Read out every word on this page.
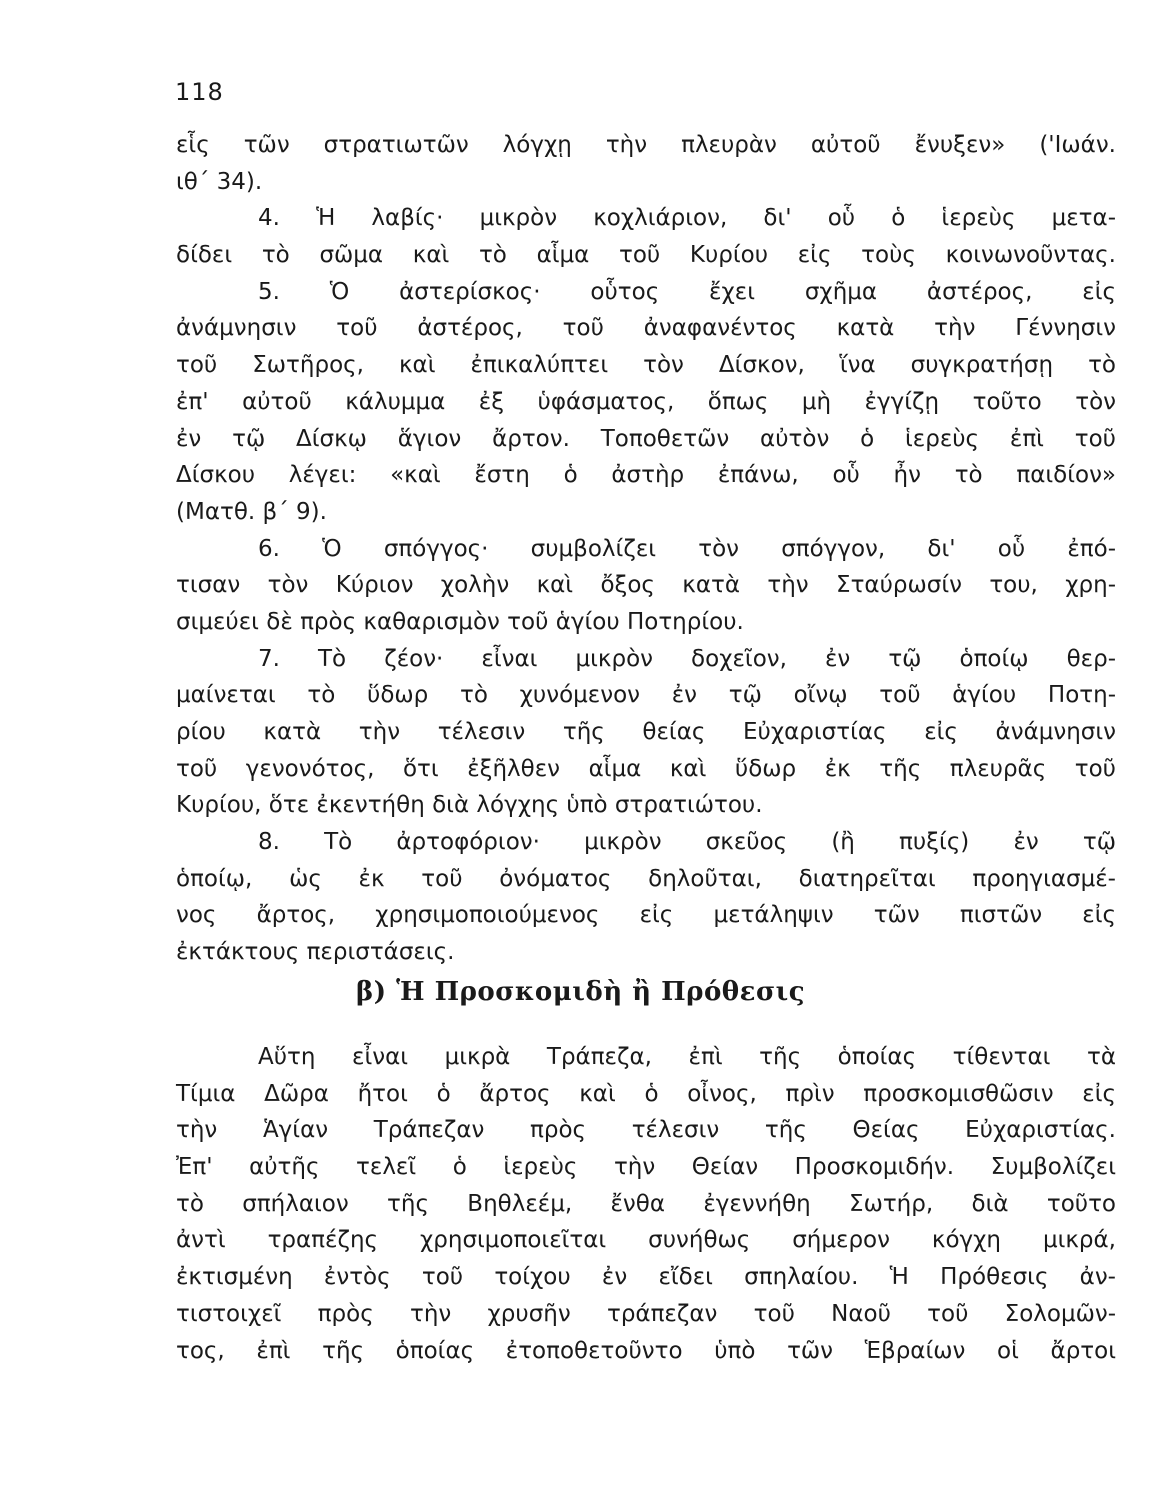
118
εἷς τῶν στρατιωτῶν λόγχῃ τὴν πλευρὰν αὐτοῦ ἔνυξεν» ('Ιωάν.
ιθ΄ 34).
4. Ἡ λαβίς· μικρὸν κοχλιάριον, δι' οὗ ὁ ἱερεὺς μετα-
δίδει τὸ σῶμα καὶ τὸ αἷμα τοῦ Κυρίου εἰς τοὺς κοινωνοῦντας.
5. Ὁ ἀστερίσκος· οὗτος ἔχει σχῆμα ἀστέρος, εἰς
ἀνάμνησιν τοῦ ἀστέρος, τοῦ ἀναφανέντος κατὰ τὴν Γέννησιν
τοῦ Σωτῆρος, καὶ ἐπικαλύπτει τὸν Δίσκον, ἵνα συγκρατήσῃ τὸ
ἐπ' αὐτοῦ κάλυμμα ἐξ ὑφάσματος, ὅπως μὴ ἐγγίζῃ τοῦτο τὸν
ἐν τῷ Δίσκῳ ἅγιον ἄρτον. Τοποθετῶν αὐτὸν ὁ ἱερεὺς ἐπὶ τοῦ
Δίσκου λέγει: «καὶ ἔστη ὁ ἀστὴρ ἐπάνω, οὗ ἦν τὸ παιδίον»
(Ματθ. β΄ 9).
6. Ὁ σπόγγος· συμβολίζει τὸν σπόγγον, δι' οὗ ἐπό-
τισαν τὸν Κύριον χολὴν καὶ ὄξος κατὰ τὴν Σταύρωσίν του, χρη-
σιμεύει δὲ πρὸς καθαρισμὸν τοῦ ἁγίου Ποτηρίου.
7. Τὸ ζέον· εἶναι μικρὸν δοχεῖον, ἐν τῷ ὁποίῳ θερ-
μαίνεται τὸ ὕδωρ τὸ χυνόμενον ἐν τῷ οἴνῳ τοῦ ἁγίου Ποτη-
ρίου κατὰ τὴν τέλεσιν τῆς θείας Εὐχαριστίας εἰς ἀνάμνησιν
τοῦ γενονότος, ὅτι ἐξῆλθεν αἷμα καὶ ὕδωρ ἐκ τῆς πλευρᾶς τοῦ
Κυρίου, ὅτε ἐκεντήθη διὰ λόγχης ὑπὸ στρατιώτου.
8. Τὸ ἀρτοφόριον· μικρὸν σκεῦος (ἢ πυξίς) ἐν τῷ
ὁποίῳ, ὡς ἐκ τοῦ ὀνόματος δηλοῦται, διατηρεῖται προηγιασμέ-
νος ἄρτος, χρησιμοποιούμενος εἰς μετάληψιν τῶν πιστῶν εἰς
ἐκτάκτους περιστάσεις.
β) Ἡ Προσκομιδὴ ἢ Πρόθεσις
Αὕτη εἶναι μικρὰ Τράπεζα, ἐπὶ τῆς ὁποίας τίθενται τὰ
Τίμια Δῶρα ἤτοι ὁ ἄρτος καὶ ὁ οἶνος, πρὶν προσκομισθῶσιν εἰς
τὴν Ἁγίαν Τράπεζαν πρὸς τέλεσιν τῆς Θείας Εὐχαριστίας.
Ἐπ' αὐτῆς τελεῖ ὁ ἱερεὺς τὴν Θείαν Προσκομιδήν. Συμβολίζει
τὸ σπήλαιον τῆς Βηθλεέμ, ἔνθα ἐγεννήθη Σωτήρ, διὰ τοῦτο
ἀντὶ τραπέζης χρησιμοποιεῖται συνήθως σήμερον κόγχη μικρά,
ἐκτισμένη ἐντὸς τοῦ τοίχου ἐν εἴδει σπηλαίου. Ἡ Πρόθεσις ἀν-
τιστοιχεῖ πρὸς τὴν χρυσῆν τράπεζαν τοῦ Ναοῦ τοῦ Σολομῶν-
τος, ἐπὶ τῆς ὁποίας ἐτοποθετοῦντο ὑπὸ τῶν Ἑβραίων οἱ ἄρτοι
